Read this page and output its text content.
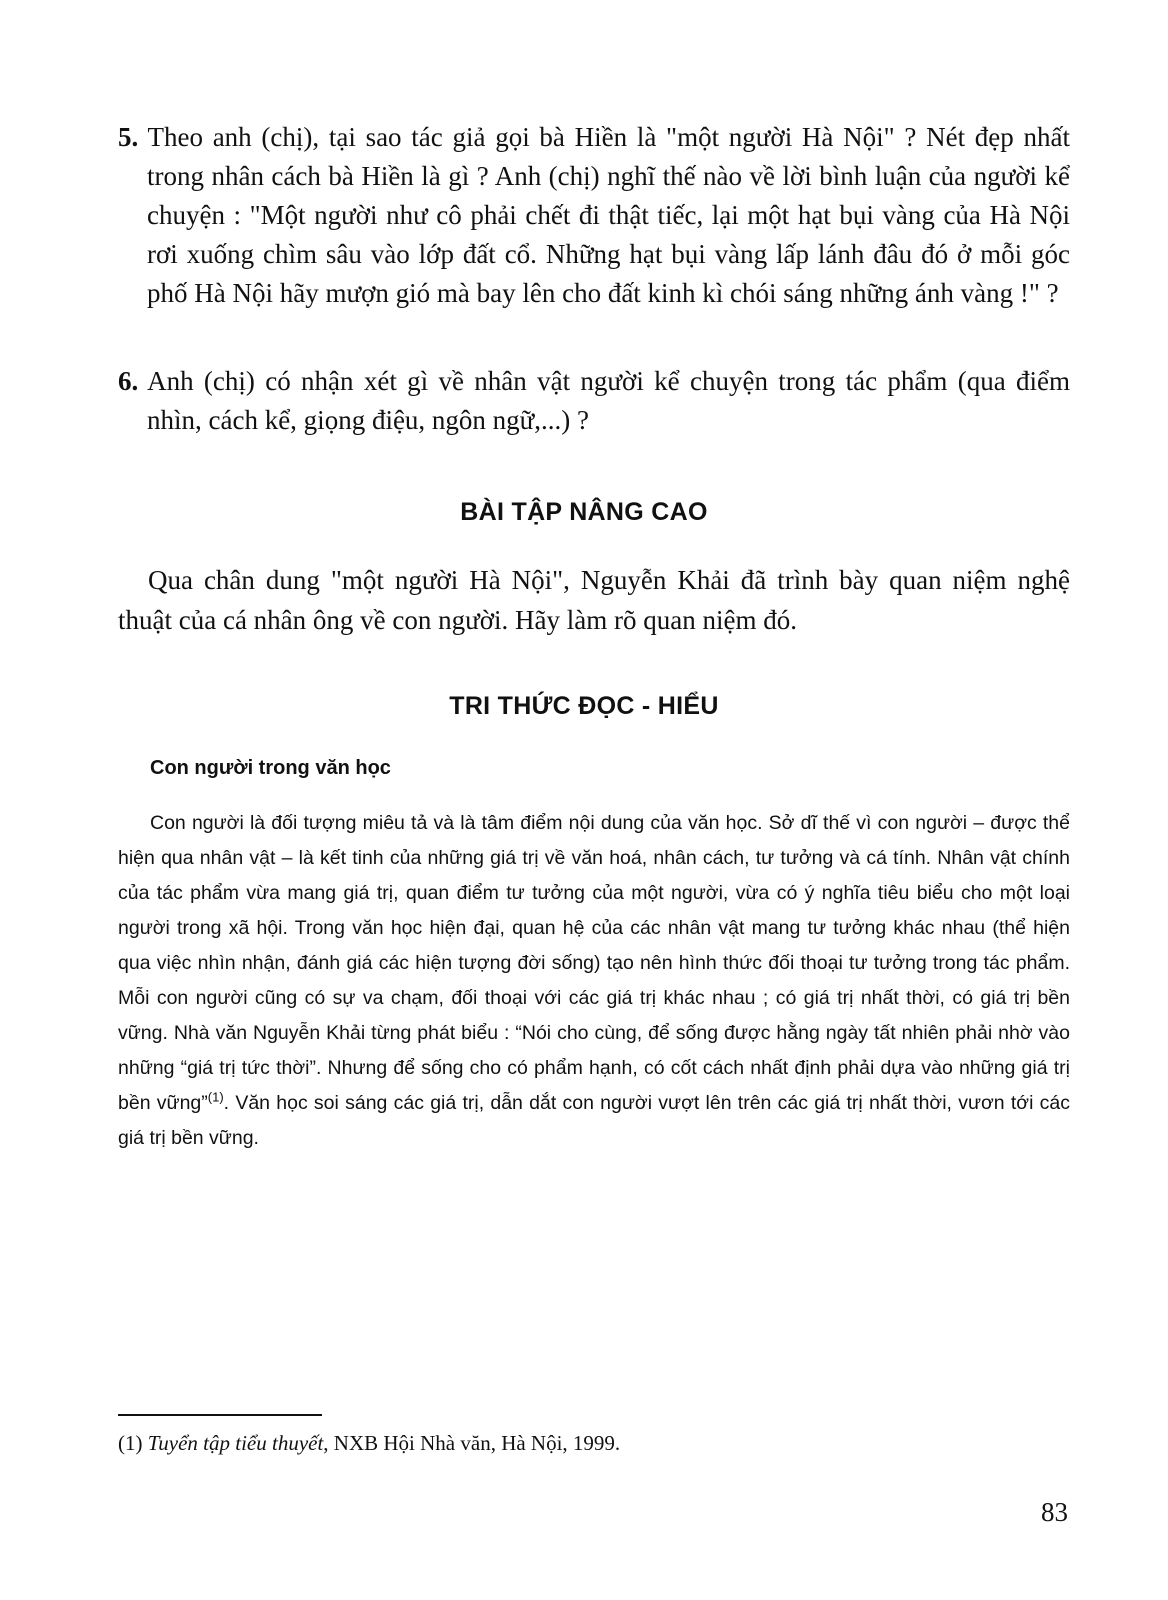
5. Theo anh (chị), tại sao tác giả gọi bà Hiền là "một người Hà Nội" ? Nét đẹp nhất trong nhân cách bà Hiền là gì ? Anh (chị) nghĩ thế nào về lời bình luận của người kể chuyện : "Một người như cô phải chết đi thật tiếc, lại một hạt bụi vàng của Hà Nội rơi xuống chìm sâu vào lớp đất cổ. Những hạt bụi vàng lấp lánh đâu đó ở mỗi góc phố Hà Nội hãy mượn gió mà bay lên cho đất kinh kì chói sáng những ánh vàng !" ?

6. Anh (chị) có nhận xét gì về nhân vật người kể chuyện trong tác phẩm (qua điểm nhìn, cách kể, giọng điệu, ngôn ngữ,...) ?

BÀI TẬP NÂNG CAO

Qua chân dung "một người Hà Nội", Nguyễn Khải đã trình bày quan niệm nghệ thuật của cá nhân ông về con người. Hãy làm rõ quan niệm đó.

TRI THỨC ĐỌC - HIỂU
Con người trong văn học

Con người là đối tượng miêu tả và là tâm điểm nội dung của văn học. Sở dĩ thế vì con người – được thể hiện qua nhân vật – là kết tinh của những giá trị về văn hoá, nhân cách, tư tưởng và cá tính. Nhân vật chính của tác phẩm vừa mang giá trị, quan điểm tư tưởng của một người, vừa có ý nghĩa tiêu biểu cho một loại người trong xã hội. Trong văn học hiện đại, quan hệ của các nhân vật mang tư tưởng khác nhau (thể hiện qua việc nhìn nhận, đánh giá các hiện tượng đời sống) tạo nên hình thức đối thoại tư tưởng trong tác phẩm. Mỗi con người cũng có sự va chạm, đối thoại với các giá trị khác nhau ; có giá trị nhất thời, có giá trị bền vững. Nhà văn Nguyễn Khải từng phát biểu : “Nói cho cùng, để sống được hằng ngày tất nhiên phải nhờ vào những “giá trị tức thời”. Nhưng để sống cho có phẩm hạnh, có cốt cách nhất định phải dựa vào những giá trị bền vững”$^{(1)}$. Văn học soi sáng các giá trị, dẫn dắt con người vượt lên trên các giá trị nhất thời, vươn tới các giá trị bền vững.

(1) Tuyển tập tiểu thuyết, NXB Hội Nhà văn, Hà Nội, 1999.
83
